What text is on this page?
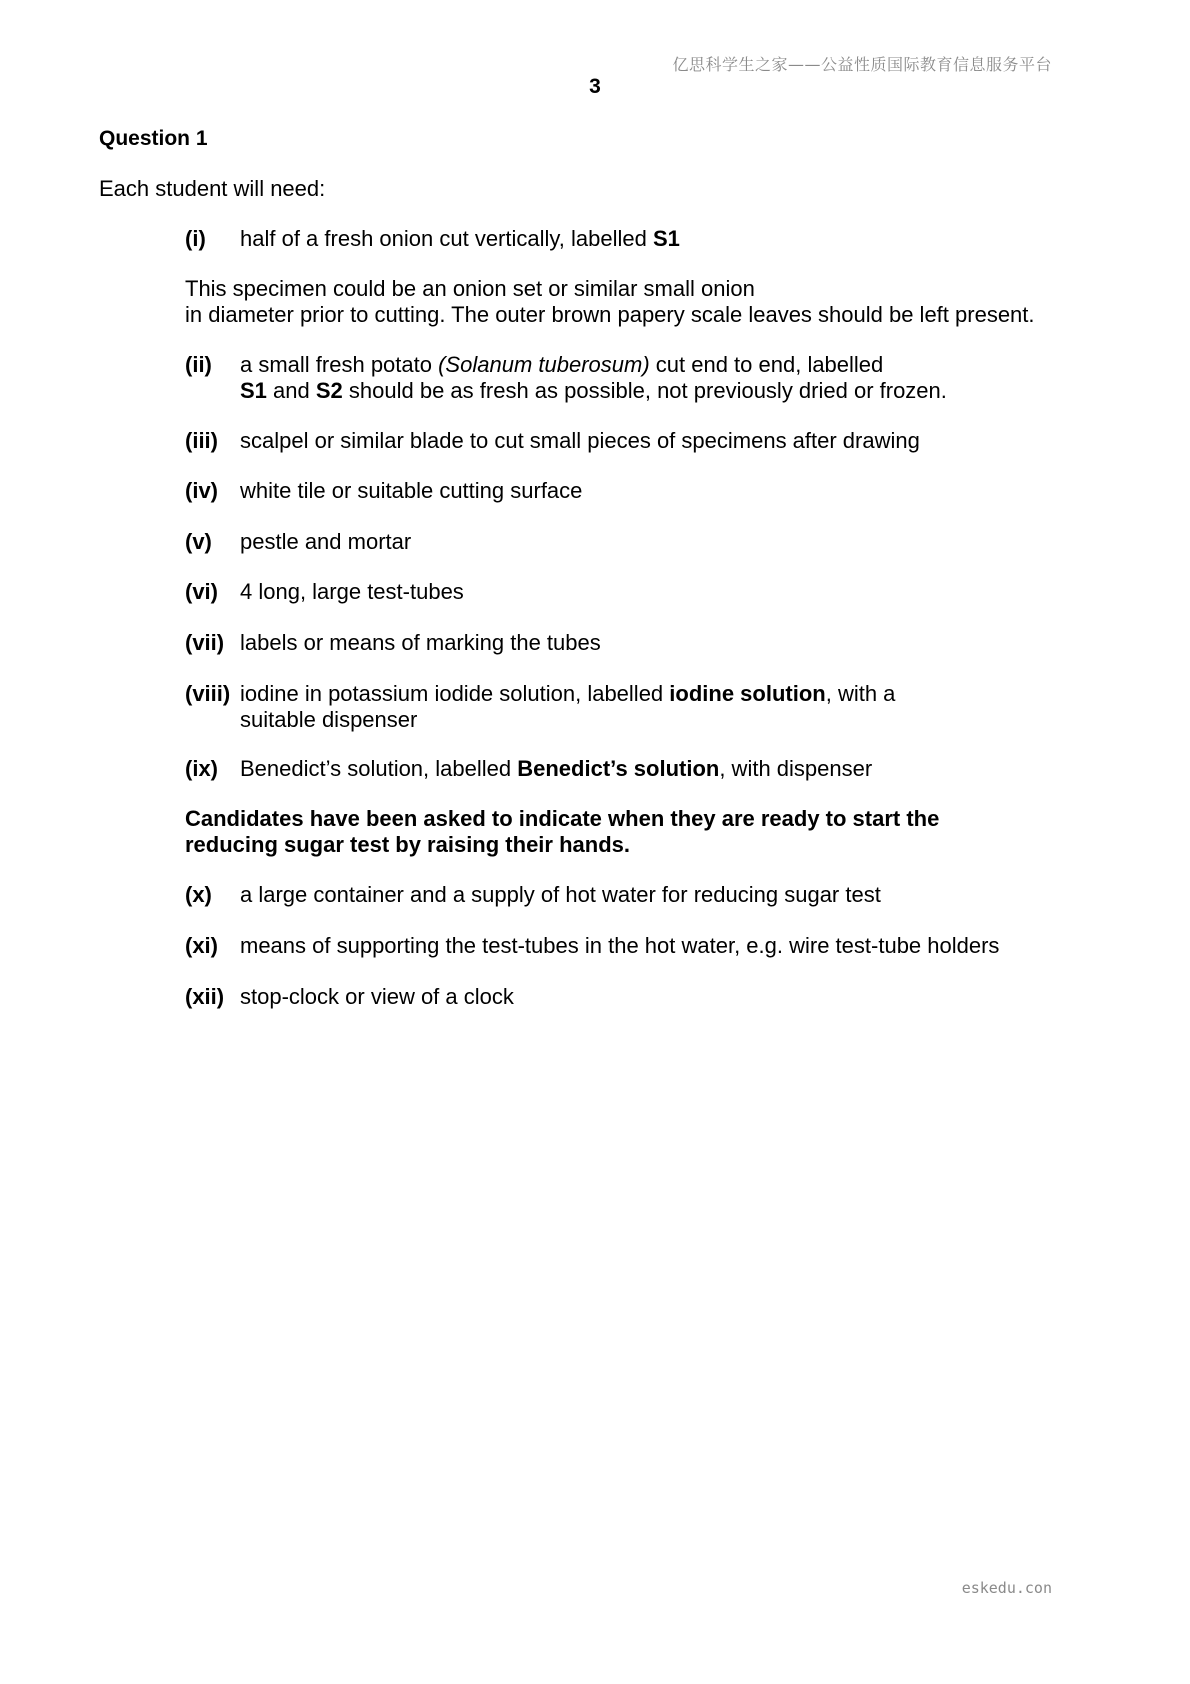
亿思科学生之家——公益性质国际教育信息服务平台
3
Question 1
Each student will need:
(i) half of a fresh onion cut vertically, labelled S1
This specimen could be an onion set or similar small onion
in diameter prior to cutting. The outer brown papery scale leaves should be left present.
(ii) a small fresh potato (Solanum tuberosum) cut end to end, labelled
S1 and S2 should be as fresh as possible, not previously dried or frozen.
(iii) scalpel or similar blade to cut small pieces of specimens after drawing
(iv) white tile or suitable cutting surface
(v) pestle and mortar
(vi) 4 long, large test-tubes
(vii) labels or means of marking the tubes
(viii) iodine in potassium iodide solution, labelled iodine solution, with a
suitable dispenser
(ix) Benedict’s solution, labelled Benedict’s solution, with dispenser
Candidates have been asked to indicate when they are ready to start the
reducing sugar test by raising their hands.
(x) a large container and a supply of hot water for reducing sugar test
(xi) means of supporting the test-tubes in the hot water, e.g. wire test-tube holders
(xii) stop-clock or view of a clock
eskedu.con
